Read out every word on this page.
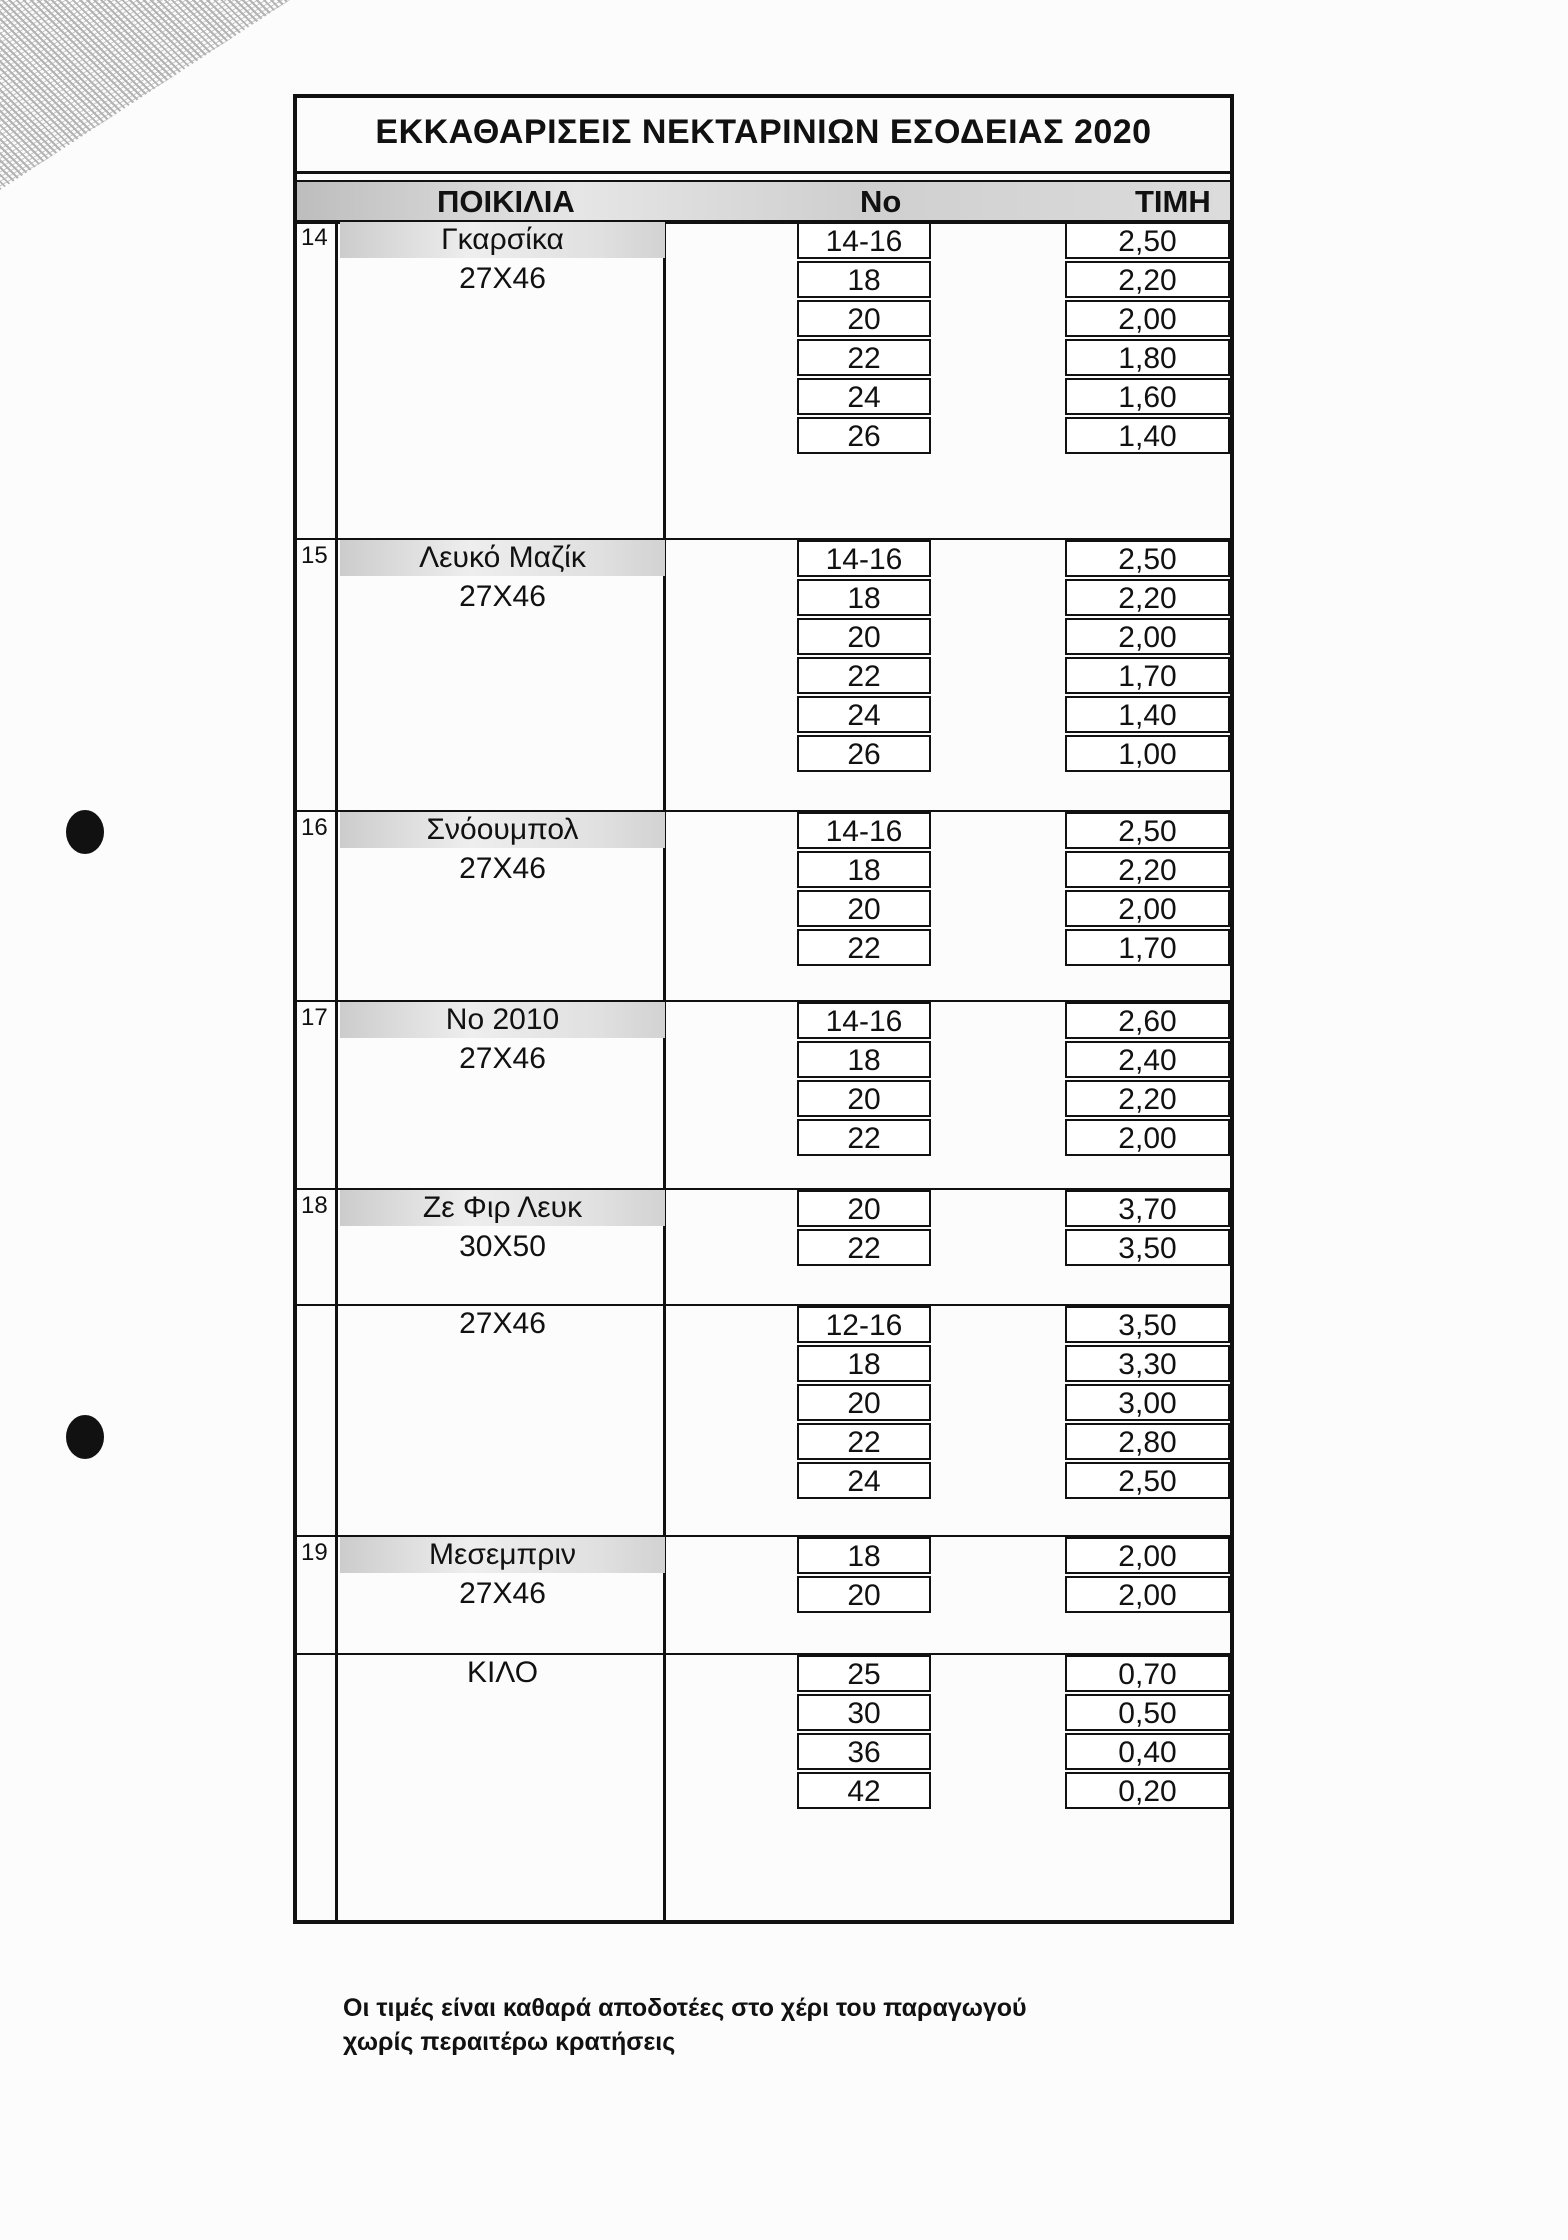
ΕΚΚΑΘΑΡΙΣΕΙΣ ΝΕΚΤΑΡΙΝΙΩΝ ΕΣΟΔΕΙΑΣ 2020
ΠΟΙΚΙΛΙΑ	No	ΤΙΜΗ
14	Γκαρσίκα
27Χ46
14-16	2,50
18	2,20
20	2,00
22	1,80
24	1,60
26	1,40
15	Λευκό Μαζίκ
27Χ46
14-16	2,50
18	2,20
20	2,00
22	1,70
24	1,40
26	1,00
16	Σνόουμπολ
27Χ46
14-16	2,50
18	2,20
20	2,00
22	1,70
17	Νο 2010
27Χ46
14-16	2,60
18	2,40
20	2,20
22	2,00
18	Ζε Φιρ Λευκ
30Χ50
20	3,70
22	3,50
27Χ46	12-16	3,50
18	3,30
20	3,00
22	2,80
24	2,50
19	Μεσεμπριν
27Χ46
18	2,00
20	2,00
ΚΙΛΟ	25	0,70
30	0,50
36	0,40
42	0,20
Οι τιμές είναι καθαρά αποδοτέες στο χέρι του παραγωγού
χωρίς περαιτέρω κρατήσεις
